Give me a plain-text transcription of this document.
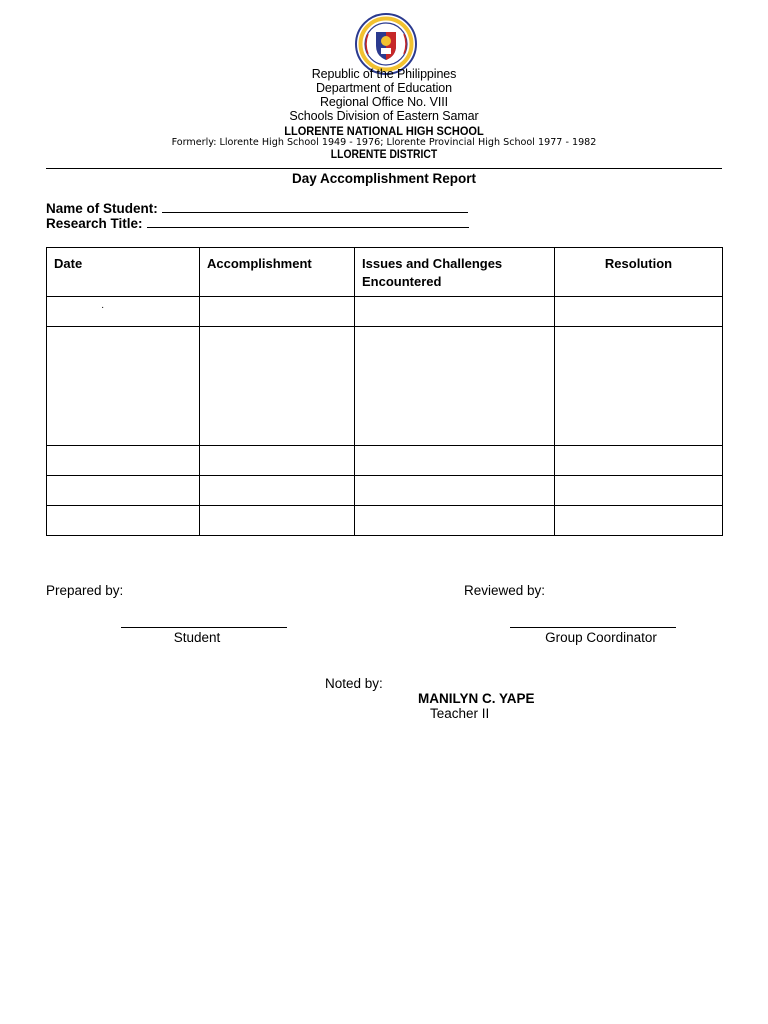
Republic of the Philippines
Department of Education
Regional Office No. VIII
Schools Division of Eastern Samar
LLORENTE NATIONAL HIGH SCHOOL
Formerly: Llorente High School 1949 - 1976; Llorente Provincial High School 1977 - 1982
LLORENTE DISTRICT
Day Accomplishment Report
Name of Student:
Research Title:
Date	Accomplishment	Issues and Challenges Encountered	Resolution
·			

Prepared by:	Reviewed by:
Student	Group Coordinator
Noted by:
MANILYN C. YAPE
Teacher II
